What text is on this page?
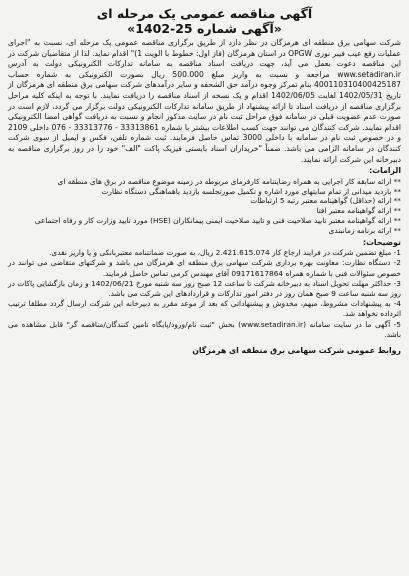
آگهی مناقصه عمومی یک مرحله ای
«آگهی شماره 25-1402»

شرکت سهامی برق منطقه ای هرمزگان در نظر دارد از طریق برگزاری مناقصه عمومی یک مرحله ای، نسبت به "اجرای عملیات رفع عیب فیبر نوری OPGW در استان هرمزگان (فاز اول: خطوط با الویت 1)" اقدام نماید. لذا از متقاضیان شرکت در این مناقصه دعوت بعمل می آید، جهت دریافت اسناد مناقصه به سامانه تدارکات الکترونیکی دولت به آدرس www.setadiran.ir مراجعه و نسبت به واریز مبلغ 500.000 ریال بصورت الکترونیکی به شماره حساب 400110310400425187 بنام تمرکز وجوه درآمد حق الشحفه و سایر درآمدهای شرکت سهامی برق منطقه ای هرمزگان از تاریخ 1402/05/31 لغایت 1402/06/05 اقدام و یک نسخه از اسناد مناقصه را دریافت نمایند. با توجه به اینکه کلیه مراحل برگزاری مناقصه از دریافت اسناد تا ارائه پیشنهاد از طریق سامانه تدارکات الکترونیکی دولت برگزار می گردد، لازم است در صورت عدم عضویت قبلی در سامانه فوق مراحل ثبت نام در سایت مذکور انجام و نسبت به دریافت گواهی امضا الکترونیکی اقدام نمایند. شرکت کنندگان می توانند جهت کسب اطلاعات بیشتر با شماره 33313861 - 33313776 - 076 داخلی 2109 و در خصوص ثبت نام در سامانه با داخلی 3000 تماس حاصل فرمایند. ثبت شماره تلفن، فکس و ایمیل از سوی شرکت کنندگان در سامانه الزامی می باشد. ضمناً "خریداران اسناد بایستی فیزیک پاکت "الف" خود را در روز برگزاری مناقصه به دبیرخانه این شرکت ارائه نمایند.

الزامات:
** ارائه سابقه کار اجرایی به همراه رضایتنامه کارفرمای مربوطه در زمینه موضوع مناقصه در برق های منطقه ای
** بازدید میدانی از تمام سایتهای مورد اشاره و تکمیل صورتجلسه بازدید باهماهنگی دستگاه نظارت
** ارائه (حداقل) گواهینامه معتبر رتبه 5 ارتباطات
** ارائه گواهینامه معتبر افتا
** ارائه گواهینامه معتبر تایید صلاحیت فنی و تایید صلاحیت ایمنی پیمانکاران (HSE) مورد تایید وزارت کار و رفاه اجتماعی
** ارائه برنامه زمانبندی
توضیحات:
1- مبلغ تضمین شرکت در فرایند ارجاع کار 2.421.615.074 ریال، به صورت ضمانتنامه معتبربانکی و یا واریز نقدی.
2- دستگاه نظارت: معاونت بهره برداری شرکت سهامی برق منطقه ای هرمزگان می باشد و شرکتهای متقاضی می توانند در خصوص سئوالات فنی با شماره همراه 09171617864 آقای مهندس کرمی تماس حاصل فرمایند.
3- حداکثر مهلت تحویل اسناد به دبیرخانه شرکت تا ساعت 12 صبح روز سه شنبه مورخ 1402/06/21 و زمان بازگشایی پاکات در روز سه شنبه ساعت 9 صبح همان روز در دفتر امور تدارکات و قراردادهای این شرکت می باشد.
4- به پیشنهادات مشروط، مبهم، مخدوش و پیشنهاداتی که بعد از موعد مقرر به دبیرخانه این شرکت ارسال گردد مطلقا ترتیب اثرداده نخواهد شد.
5- آگهی ما در سایت سامانه (www.setadiran.ir) بخش "ثبت نام/ورود/پایگاه تامین کنندگان/مناقصه گر" قابل مشاهده می باشد.
روابط عمومی شرکت سهامی برق منطقه ای هرمزگان
